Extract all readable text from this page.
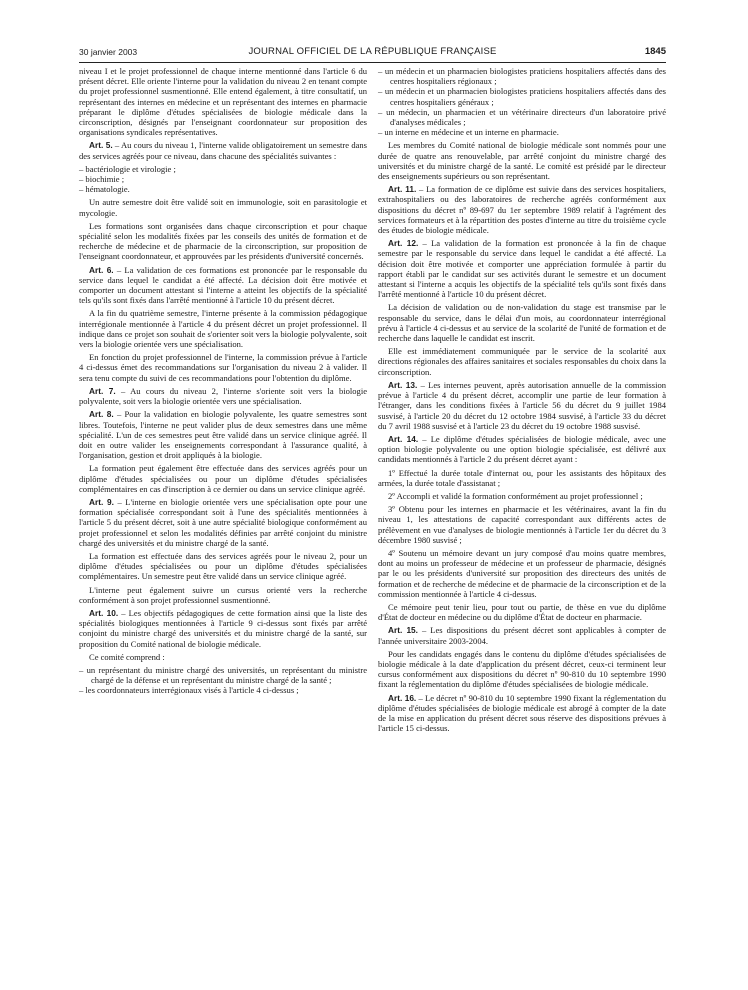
30 janvier 2003	JOURNAL OFFICIEL DE LA RÉPUBLIQUE FRANÇAISE	1845

niveau I et le projet professionnel de chaque interne mentionné dans l'article 6 du présent décret. Elle oriente l'interne pour la validation du niveau 2 en tenant compte du projet professionnel susmentionné. Elle entend également, à titre consultatif, un représentant des internes en médecine et un représentant des internes en pharmacie préparant le diplôme d'études spécialisées de biologie médicale dans la circonscription, désignés par l'enseignant coordonnateur sur proposition des organisations syndicales représentatives.

Art. 5. – Au cours du niveau 1, l'interne valide obligatoirement un semestre dans des services agréés pour ce niveau, dans chacune des spécialités suivantes :

– bactériologie et virologie ;
– biochimie ;
– hématologie.

Un autre semestre doit être validé soit en immunologie, soit en parasitologie et mycologie.

Les formations sont organisées dans chaque circonscription et pour chaque spécialité selon les modalités fixées par les conseils des unités de formation et de recherche de médecine et de pharmacie de la circonscription, sur proposition de l'enseignant coordonnateur, et approuvées par les présidents d'université concernés.

Art. 6. – La validation de ces formations est prononcée par le responsable du service dans lequel le candidat a été affecté. La décision doit être motivée et comporter un document attestant si l'interne a atteint les objectifs de la spécialité tels qu'ils sont fixés dans l'arrêté mentionné à l'article 10 du présent décret.

A la fin du quatrième semestre, l'interne présente à la commission pédagogique interrégionale mentionnée à l'article 4 du présent décret un projet professionnel. Il indique dans ce projet son souhait de s'orienter soit vers la biologie polyvalente, soit vers la biologie orientée vers une spécialisation.

En fonction du projet professionnel de l'interne, la commission prévue à l'article 4 ci-dessus émet des recommandations sur l'organisation du niveau 2 à valider. Il sera tenu compte du suivi de ces recommandations pour l'obtention du diplôme.

Art. 7. – Au cours du niveau 2, l'interne s'oriente soit vers la biologie polyvalente, soit vers la biologie orientée vers une spécialisation.

Art. 8. – Pour la validation en biologie polyvalente, les quatre semestres sont libres. Toutefois, l'interne ne peut valider plus de deux semestres dans une même spécialité. L'un de ces semestres peut être validé dans un service clinique agréé. Il doit en outre valider les enseignements correspondant à l'assurance qualité, à l'organisation, gestion et droit appliqués à la biologie.

La formation peut également être effectuée dans des services agréés pour un diplôme d'études spécialisées ou pour un diplôme d'études spécialisées complémentaires en cas d'inscription à ce dernier ou dans un service clinique agréé.

Art. 9. – L'interne en biologie orientée vers une spécialisation opte pour une formation spécialisée correspondant soit à l'une des spécialités mentionnées à l'article 5 du présent décret, soit à une autre spécialité biologique conformément au projet professionnel et selon les modalités définies par arrêté conjoint du ministre chargé des universités et du ministre chargé de la santé.

La formation est effectuée dans des services agréés pour le niveau 2, pour un diplôme d'études spécialisées ou pour un diplôme d'études spécialisées complémentaires. Un semestre peut être validé dans un service clinique agréé.

L'interne peut également suivre un cursus orienté vers la recherche conformément à son projet professionnel susmentionné.

Art. 10. – Les objectifs pédagogiques de cette formation ainsi que la liste des spécialités biologiques mentionnées à l'article 9 ci-dessus sont fixés par arrêté conjoint du ministre chargé des universités et du ministre chargé de la santé, sur proposition du Comité national de biologie médicale.

Ce comité comprend :

– un représentant du ministre chargé des universités, un représentant du ministre chargé de la défense et un représentant du ministre chargé de la santé ;
– les coordonnateurs interrégionaux visés à l'article 4 ci-dessus ;
– un médecin et un pharmacien biologistes praticiens hospitaliers affectés dans des centres hospitaliers régionaux ;
– un médecin et un pharmacien biologistes praticiens hospitaliers affectés dans des centres hospitaliers généraux ;
– un médecin, un pharmacien et un vétérinaire directeurs d'un laboratoire privé d'analyses médicales ;
– un interne en médecine et un interne en pharmacie.

Les membres du Comité national de biologie médicale sont nommés pour une durée de quatre ans renouvelable, par arrêté conjoint du ministre chargé des universités et du ministre chargé de la santé. Le comité est présidé par le directeur des enseignements supérieurs ou son représentant.

Art. 11. – La formation de ce diplôme est suivie dans des services hospitaliers, extrahospitaliers ou des laboratoires de recherche agréés conformément aux dispositions du décret nº 89-697 du 1er septembre 1989 relatif à l'agrément des services formateurs et à la répartition des postes d'interne au titre du troisième cycle des études de biologie médicale.

Art. 12. – La validation de la formation est prononcée à la fin de chaque semestre par le responsable du service dans lequel le candidat a été affecté. La décision doit être motivée et comporter une appréciation formulée à partir du rapport établi par le candidat sur ses activités durant le semestre et un document attestant si l'interne a acquis les objectifs de la spécialité tels qu'ils sont fixés dans l'arrêté mentionné à l'article 10 du présent décret.

La décision de validation ou de non-validation du stage est transmise par le responsable du service, dans le délai d'un mois, au coordonnateur interrégional prévu à l'article 4 ci-dessus et au service de la scolarité de l'unité de formation et de recherche dans laquelle le candidat est inscrit.

Elle est immédiatement communiquée par le service de la scolarité aux directions régionales des affaires sanitaires et sociales responsables du choix dans la circonscription.

Art. 13. – Les internes peuvent, après autorisation annuelle de la commission prévue à l'article 4 du présent décret, accomplir une partie de leur formation à l'étranger, dans les conditions fixées à l'article 56 du décret du 9 juillet 1984 susvisé, à l'article 20 du décret du 12 octobre 1984 susvisé, à l'article 33 du décret du 7 avril 1988 susvisé et à l'article 23 du décret du 19 octobre 1988 susvisé.

Art. 14. – Le diplôme d'études spécialisées de biologie médicale, avec une option biologie polyvalente ou une option biologie spécialisée, est délivré aux candidats mentionnés à l'article 2 du présent décret ayant :

1º Effectué la durée totale d'internat ou, pour les assistants des hôpitaux des armées, la durée totale d'assistanat ;

2º Accompli et validé la formation conformément au projet professionnel ;

3º Obtenu pour les internes en pharmacie et les vétérinaires, avant la fin du niveau 1, les attestations de capacité correspondant aux différents actes de prélèvement en vue d'analyses de biologie mentionnés à l'article 1er du décret du 3 décembre 1980 susvisé ;

4º Soutenu un mémoire devant un jury composé d'au moins quatre membres, dont au moins un professeur de médecine et un professeur de pharmacie, désignés par le ou les présidents d'université sur proposition des directeurs des unités de formation et de recherche de médecine et de pharmacie de la circonscription et de la commission mentionnée à l'article 4 ci-dessus.

Ce mémoire peut tenir lieu, pour tout ou partie, de thèse en vue du diplôme d'État de docteur en médecine ou du diplôme d'État de docteur en pharmacie.

Art. 15. – Les dispositions du présent décret sont applicables à compter de l'année universitaire 2003-2004.

Pour les candidats engagés dans le contenu du diplôme d'études spécialisées de biologie médicale à la date d'application du présent décret, ceux-ci terminent leur cursus conformément aux dispositions du décret nº 90-810 du 10 septembre 1990 fixant la réglementation du diplôme d'études spécialisées de biologie médicale.

Art. 16. – Le décret nº 90-810 du 10 septembre 1990 fixant la réglementation du diplôme d'études spécialisées de biologie médicale est abrogé à compter de la date de la mise en application du présent décret sous réserve des dispositions prévues à l'article 15 ci-dessus.
